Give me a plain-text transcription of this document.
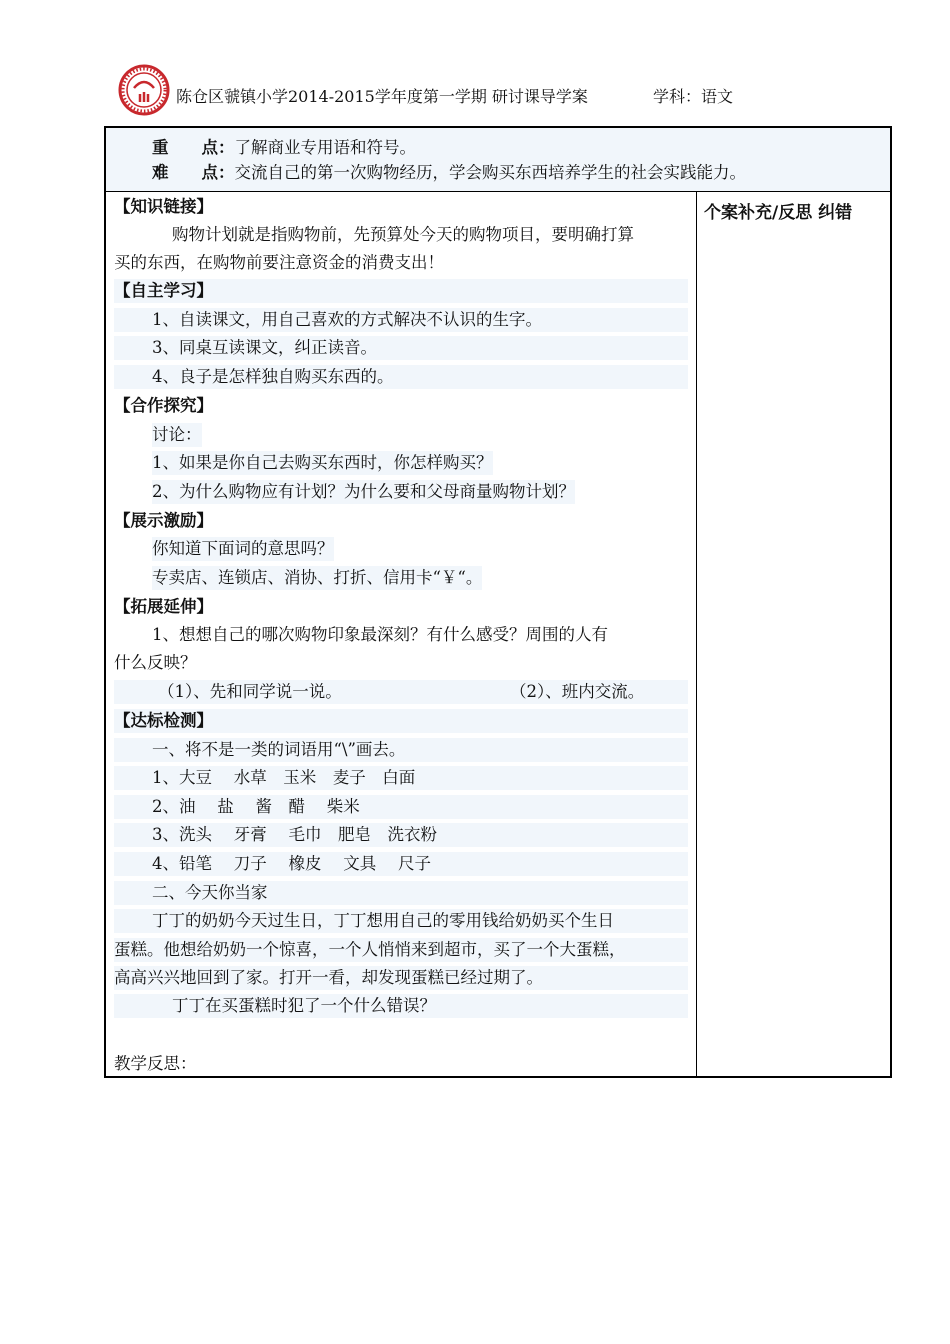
陈仓区虢镇小学2014-2015学年度第一学期 研讨课导学案	学科：语文
重　　点：了解商业专用语和符号。
难　　点：交流自己的第一次购物经历，学会购买东西培养学生的社会实践能力。
个案补充/反思 纠错
【知识链接】
购物计划就是指购物前，先预算处今天的购物项目，要明确打算
买的东西，在购物前要注意资金的消费支出！
【自主学习】
1、自读课文，用自己喜欢的方式解决不认识的生字。
3、同桌互读课文，纠正读音。
4、良子是怎样独自购买东西的。
【合作探究】
讨论：
1、如果是你自己去购买东西时，你怎样购买？
2、为什么购物应有计划？为什么要和父母商量购物计划？
【展示激励】
你知道下面词的意思吗？
专卖店、连锁店、消协、打折、信用卡“￥“。
【拓展延伸】
1、想想自己的哪次购物印象最深刻？有什么感受？周围的人有
什么反映？
（1）、先和同学说一说。	（2）、班内交流。
【达标检测】
一、将不是一类的词语用“\”画去。
1、大豆　 水草　玉米　麦子　白面
2、油　 盐　 酱　醋　 柴米
3、洗头　 牙膏　 毛巾　肥皂　洗衣粉
4、铅笔　 刀子　 橡皮　 文具　 尺子
二、今天你当家
丁丁的奶奶今天过生日，丁丁想用自己的零用钱给奶奶买个生日
蛋糕。他想给奶奶一个惊喜，一个人悄悄来到超市，买了一个大蛋糕，
高高兴兴地回到了家。打开一看，却发现蛋糕已经过期了。
丁丁在买蛋糕时犯了一个什么错误？
教学反思：
